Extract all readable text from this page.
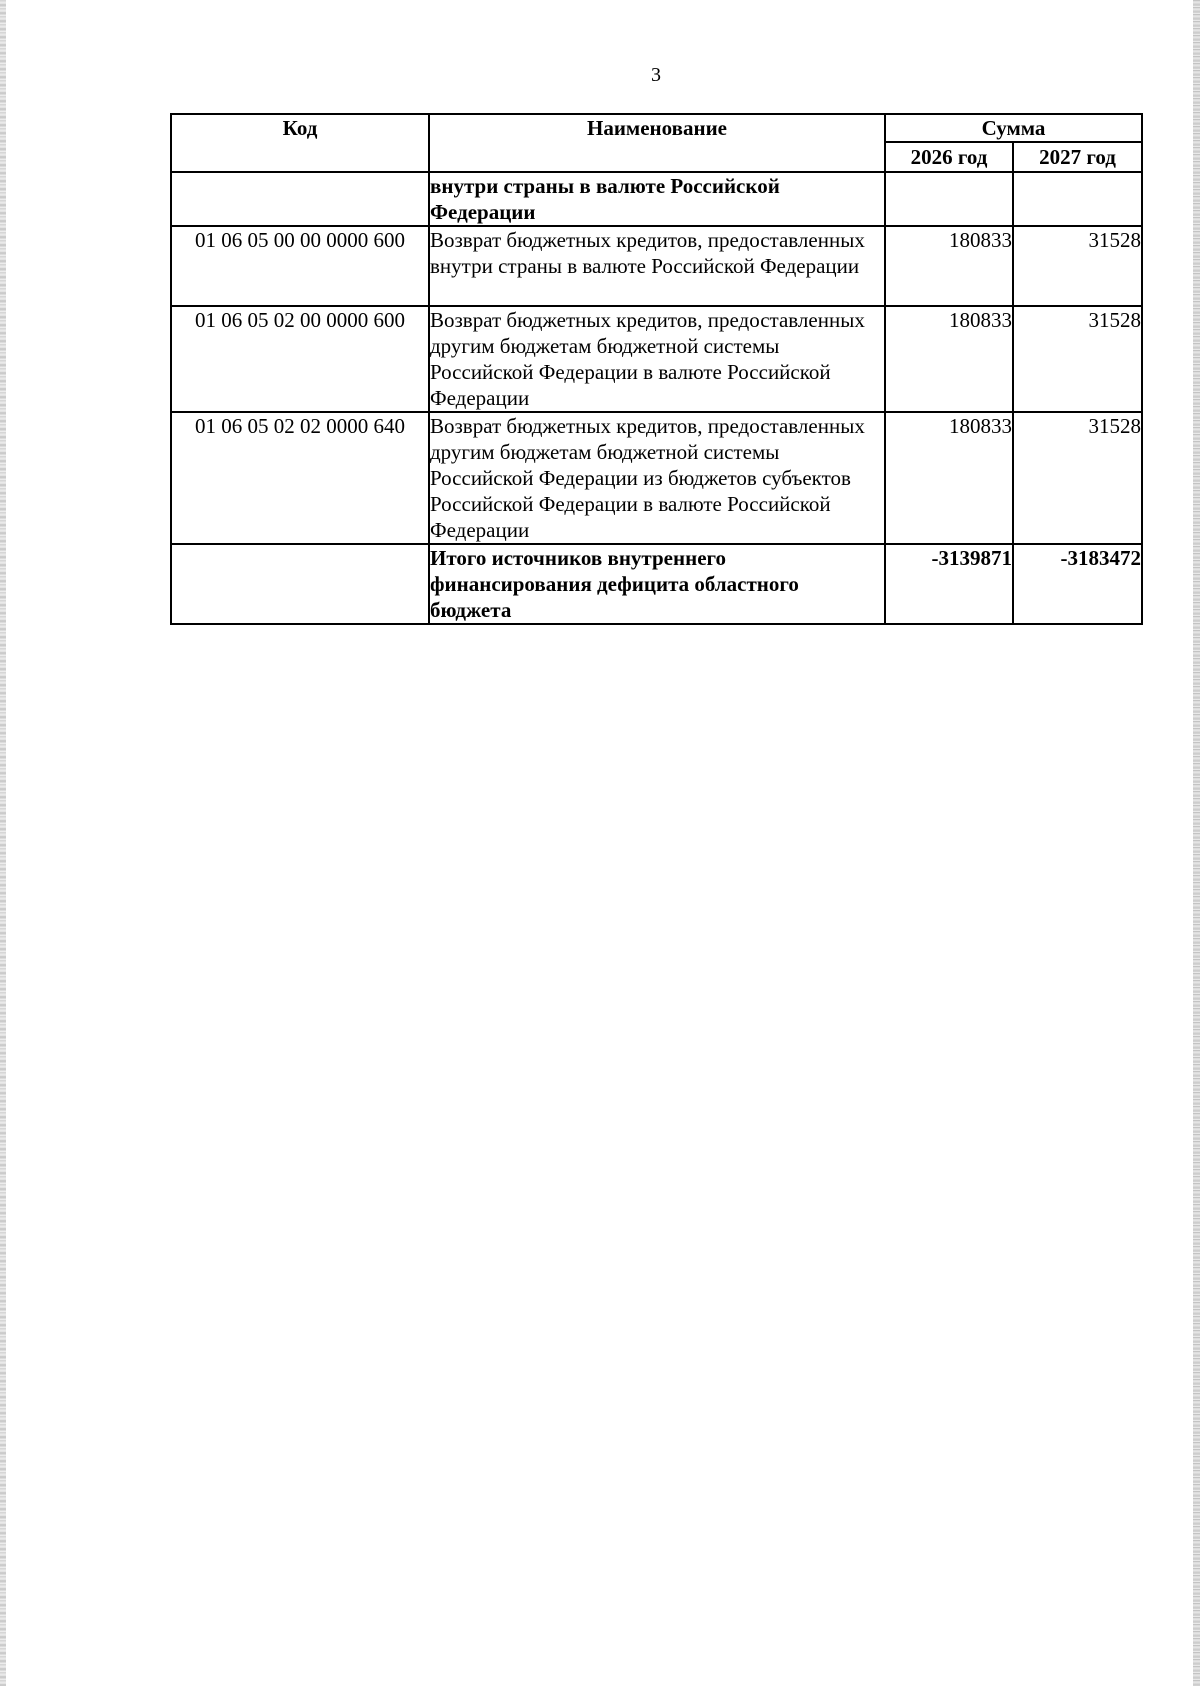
3
Код	Наименование	Сумма	
		2026 год	2027 год
	внутри страны в валюте Российской Федерации		
01 06 05 00 00 0000 600	Возврат бюджетных кредитов, предоставленных внутри страны в валюте Российской Федерации	180833	31528
01 06 05 02 00 0000 600	Возврат бюджетных кредитов, предоставленных другим бюджетам бюджетной системы Российской Федерации в валюте Российской Федерации	180833	31528
01 06 05 02 02 0000 640	Возврат бюджетных кредитов, предоставленных другим бюджетам бюджетной системы Российской Федерации из бюджетов субъектов Российской Федерации в валюте Российской Федерации	180833	31528
	Итого источников внутреннего финансирования дефицита областного бюджета	-3139871	-3183472
